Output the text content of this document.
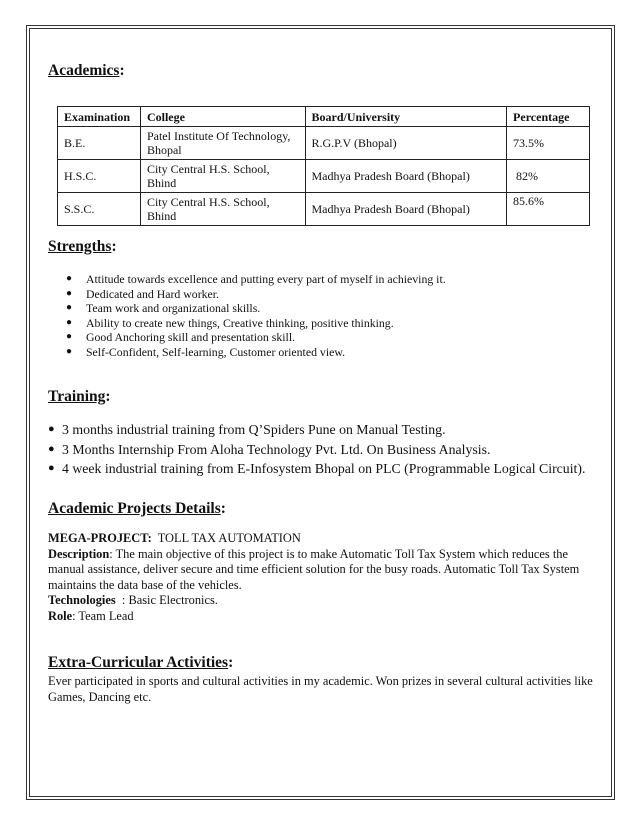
Academics:
Examination	College	Board/University	Percentage
B.E.	Patel Institute Of Technology, Bhopal	R.G.P.V (Bhopal)	73.5%
H.S.C.	City Central H.S. School, Bhind	Madhya Pradesh Board (Bhopal)	82%
S.S.C.	City Central H.S. School, Bhind	Madhya Pradesh Board (Bhopal)	85.6%
Strengths:
● Attitude towards excellence and putting every part of myself in achieving it.
● Dedicated and Hard worker.
● Team work and organizational skills.
● Ability to create new things, Creative thinking, positive thinking.
● Good Anchoring skill and presentation skill.
● Self-Confident, Self-learning, Customer oriented view.
Training:
● 3 months industrial training from Q’Spiders Pune on Manual Testing.
● 3 Months Internship From Aloha Technology Pvt. Ltd. On Business Analysis.
● 4 week industrial training from E-Infosystem Bhopal on PLC (Programmable Logical Circuit).
Academic Projects Details:

MEGA-PROJECT: TOLL TAX AUTOMATION

Description: The main objective of this project is to make Automatic Toll Tax System which reduces the manual assistance, deliver secure and time efficient solution for the busy roads. Automatic Toll Tax System maintains the data base of the vehicles.

Technologies  : Basic Electronics.

Role: Team Lead

Extra-Curricular Activities:

Ever participated in sports and cultural activities in my academic. Won prizes in several cultural activities like Games, Dancing etc.
